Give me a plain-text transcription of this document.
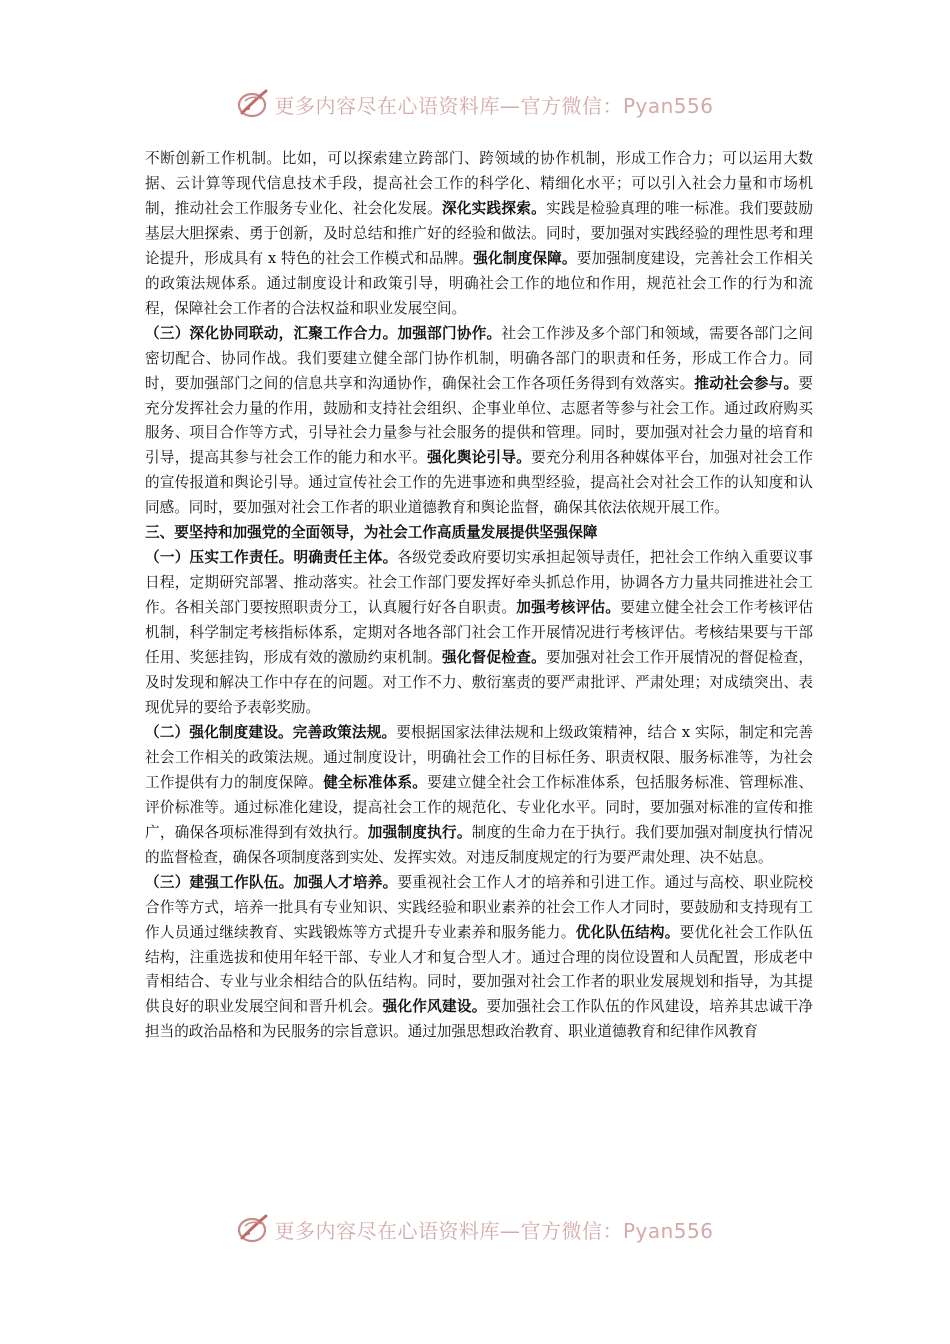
更多内容尽在心语资料库—官方微信：Pyan556

不断创新工作机制。比如，可以探索建立跨部门、跨领域的协作机制，形成工作合力；可以运用大数据、云计算等现代信息技术手段，提高社会工作的科学化、精细化水平；可以引入社会力量和市场机制，推动社会工作服务专业化、社会化发展。深化实践探索。实践是检验真理的唯一标准。我们要鼓励基层大胆探索、勇于创新，及时总结和推广好的经验和做法。同时，要加强对实践经验的理性思考和理论提升，形成具有 x 特色的社会工作模式和品牌。强化制度保障。要加强制度建设，完善社会工作相关的政策法规体系。通过制度设计和政策引导，明确社会工作的地位和作用，规范社会工作的行为和流程，保障社会工作者的合法权益和职业发展空间。

（三）深化协同联动，汇聚工作合力。加强部门协作。社会工作涉及多个部门和领域，需要各部门之间密切配合、协同作战。我们要建立健全部门协作机制，明确各部门的职责和任务，形成工作合力。同时，要加强部门之间的信息共享和沟通协作，确保社会工作各项任务得到有效落实。推动社会参与。要充分发挥社会力量的作用，鼓励和支持社会组织、企事业单位、志愿者等参与社会工作。通过政府购买服务、项目合作等方式，引导社会力量参与社会服务的提供和管理。同时，要加强对社会力量的培育和引导，提高其参与社会工作的能力和水平。强化舆论引导。要充分利用各种媒体平台，加强对社会工作的宣传报道和舆论引导。通过宣传社会工作的先进事迹和典型经验，提高社会对社会工作的认知度和认同感。同时，要加强对社会工作者的职业道德教育和舆论监督，确保其依法依规开展工作。

三、要坚持和加强党的全面领导，为社会工作高质量发展提供坚强保障

（一）压实工作责任。明确责任主体。各级党委政府要切实承担起领导责任，把社会工作纳入重要议事日程，定期研究部署、推动落实。社会工作部门要发挥好牵头抓总作用，协调各方力量共同推进社会工作。各相关部门要按照职责分工，认真履行好各自职责。加强考核评估。要建立健全社会工作考核评估机制，科学制定考核指标体系，定期对各地各部门社会工作开展情况进行考核评估。考核结果要与干部任用、奖惩挂钩，形成有效的激励约束机制。强化督促检查。要加强对社会工作开展情况的督促检查，及时发现和解决工作中存在的问题。对工作不力、敷衍塞责的要严肃批评、严肃处理；对成绩突出、表现优异的要给予表彰奖励。

（二）强化制度建设。完善政策法规。要根据国家法律法规和上级政策精神，结合 x 实际，制定和完善社会工作相关的政策法规。通过制度设计，明确社会工作的目标任务、职责权限、服务标准等，为社会工作提供有力的制度保障。健全标准体系。要建立健全社会工作标准体系，包括服务标准、管理标准、评价标准等。通过标准化建设，提高社会工作的规范化、专业化水平。同时，要加强对标准的宣传和推广，确保各项标准得到有效执行。加强制度执行。制度的生命力在于执行。我们要加强对制度执行情况的监督检查，确保各项制度落到实处、发挥实效。对违反制度规定的行为要严肃处理、决不姑息。

（三）建强工作队伍。加强人才培养。要重视社会工作人才的培养和引进工作。通过与高校、职业院校合作等方式，培养一批具有专业知识、实践经验和职业素养的社会工作人才同时，要鼓励和支持现有工作人员通过继续教育、实践锻炼等方式提升专业素养和服务能力。优化队伍结构。要优化社会工作队伍结构，注重选拔和使用年轻干部、专业人才和复合型人才。通过合理的岗位设置和人员配置，形成老中青相结合、专业与业余相结合的队伍结构。同时，要加强对社会工作者的职业发展规划和指导，为其提供良好的职业发展空间和晋升机会。强化作风建设。要加强社会工作队伍的作风建设，培养其忠诚干净担当的政治品格和为民服务的宗旨意识。通过加强思想政治教育、职业道德教育和纪律作风教育

更多内容尽在心语资料库—官方微信：Pyan556
